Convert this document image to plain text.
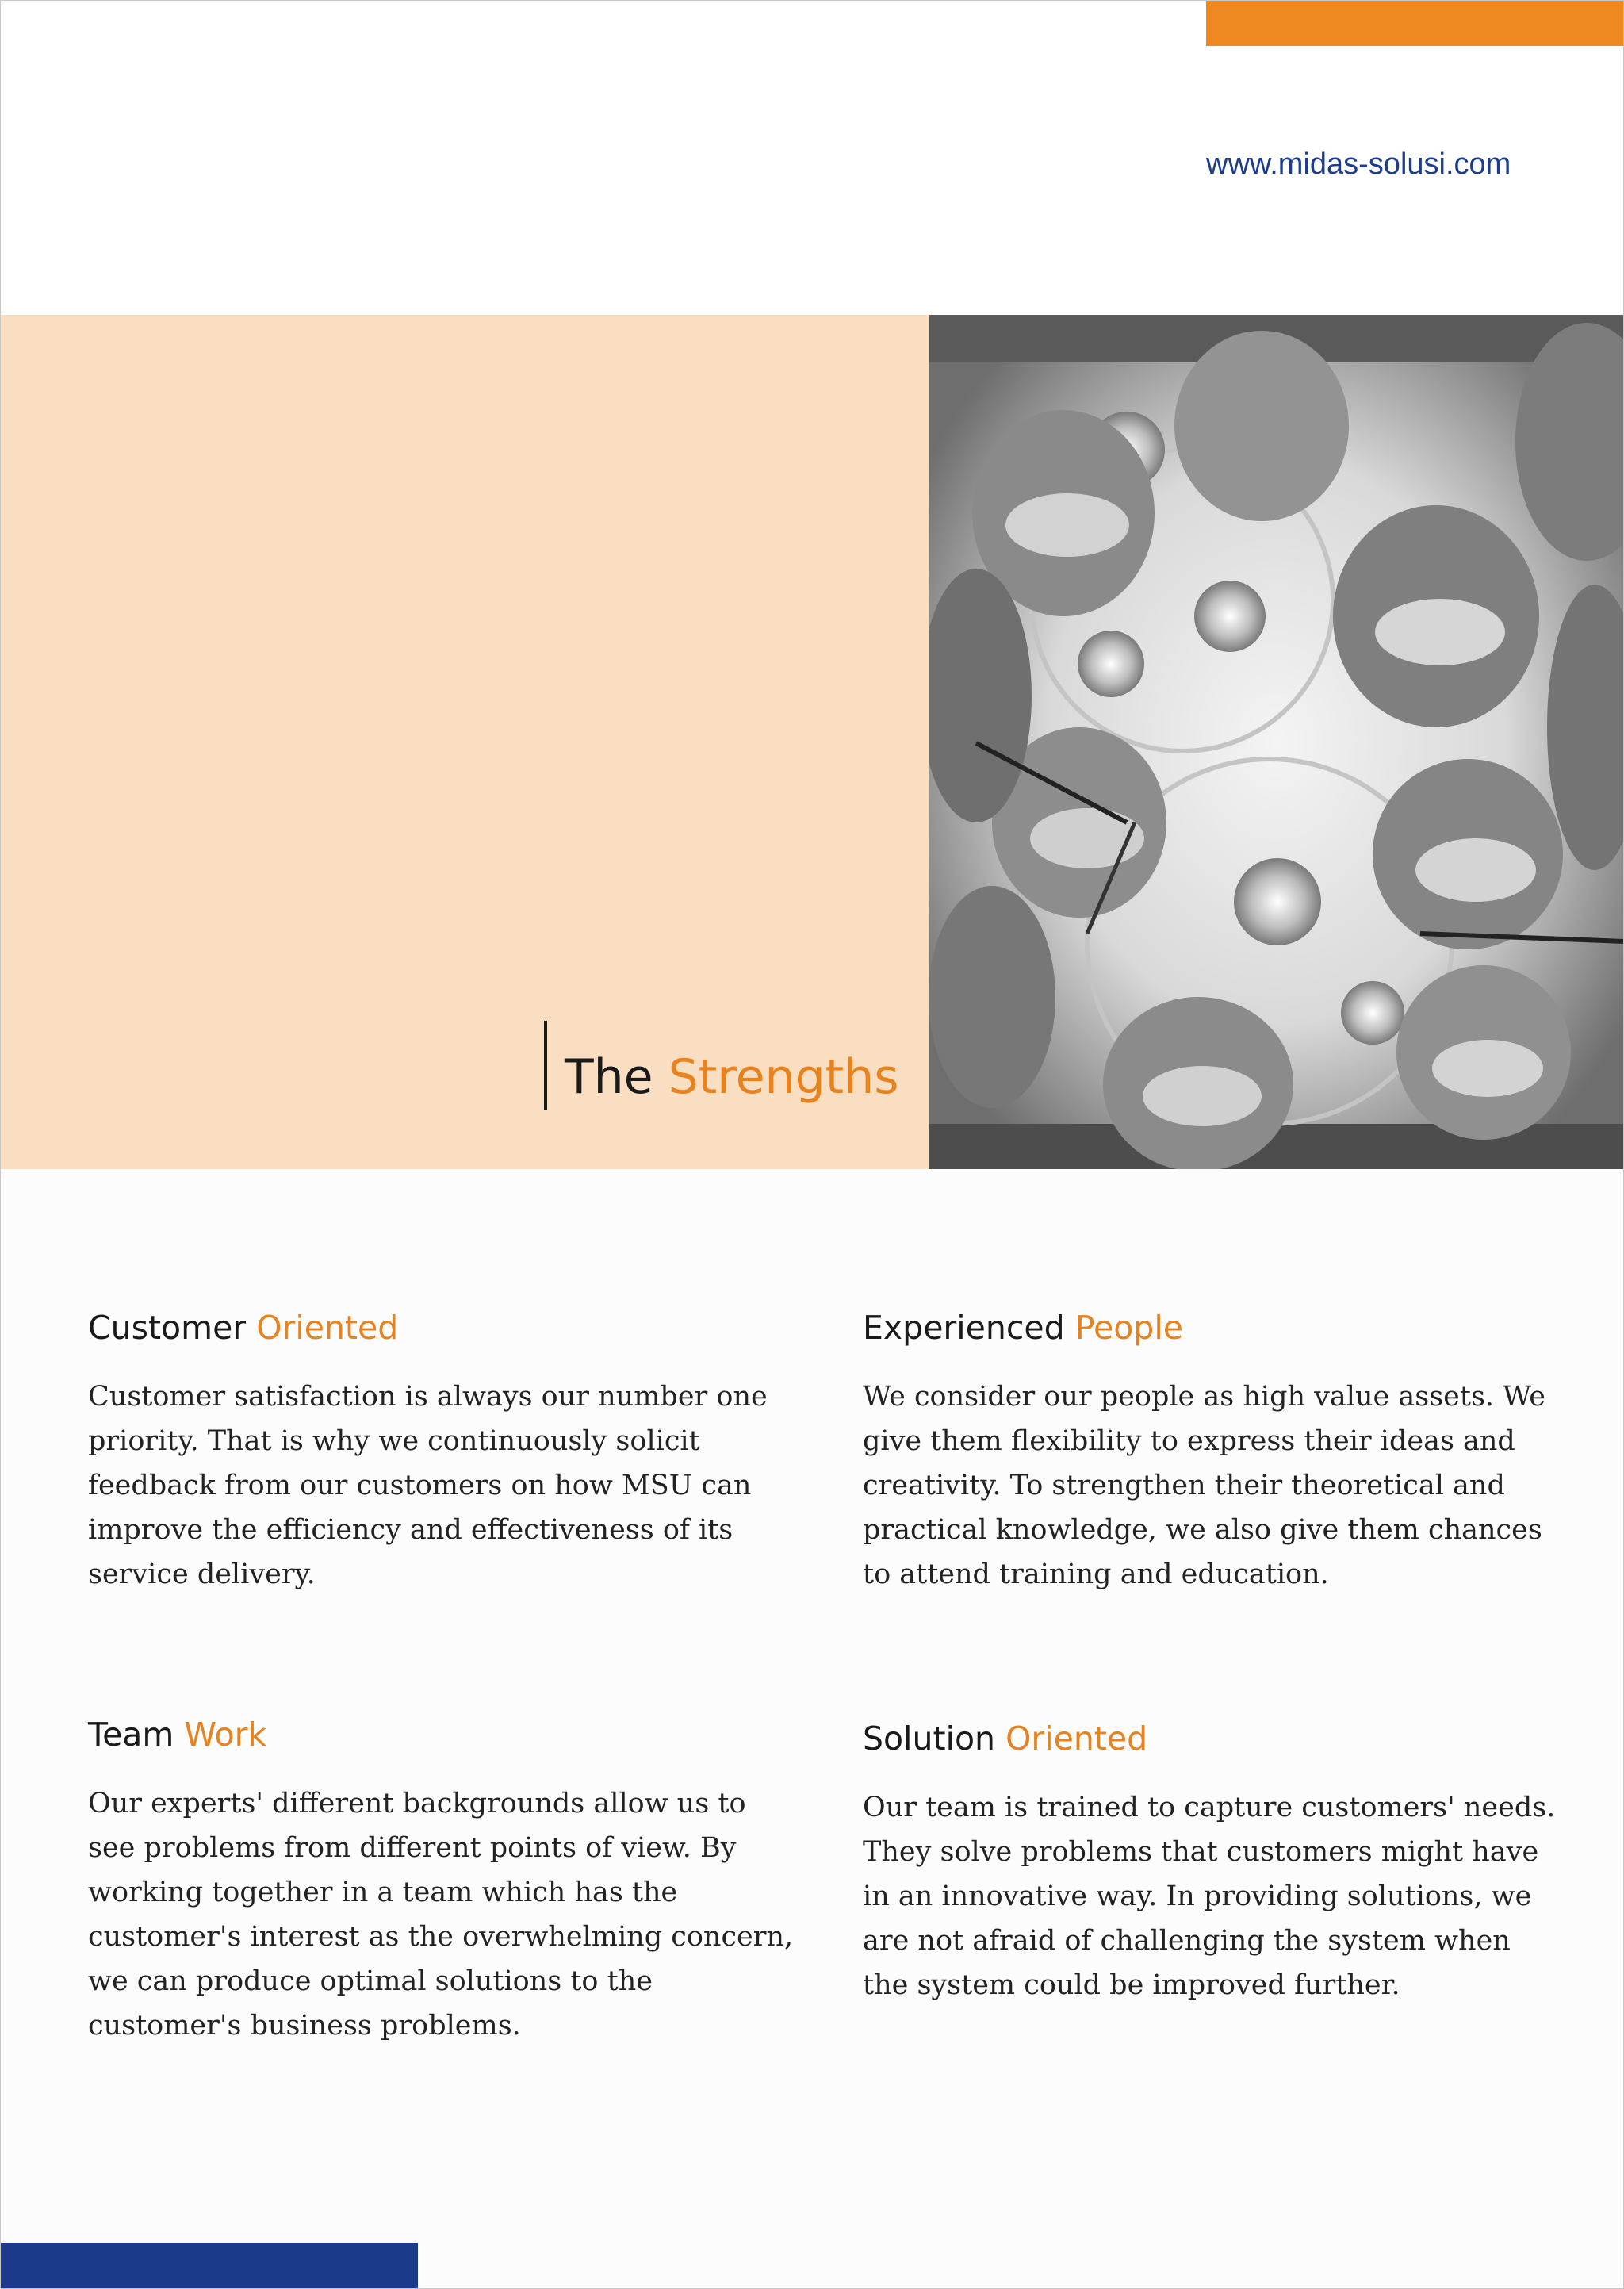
www.midas-solusi.com
The Strengths
Customer Oriented

Customer satisfaction is always our number one priority. That is why we continuously solicit feedback from our customers on how MSU can improve the efficiency and effectiveness of its service delivery.

Experienced People

We consider our people as high value assets. We give them flexibility to express their ideas and creativity. To strengthen their theoretical and practical knowledge, we also give them chances to attend training and education.

Team Work

Our experts' different backgrounds allow us to see problems from different points of view. By working together in a team which has the customer's interest as the overwhelming concern, we can produce optimal solutions to the customer's business problems.

Solution Oriented

Our team is trained to capture customers' needs. They solve problems that customers might have in an innovative way. In providing solutions, we are not afraid of challenging the system when the system could be improved further.
